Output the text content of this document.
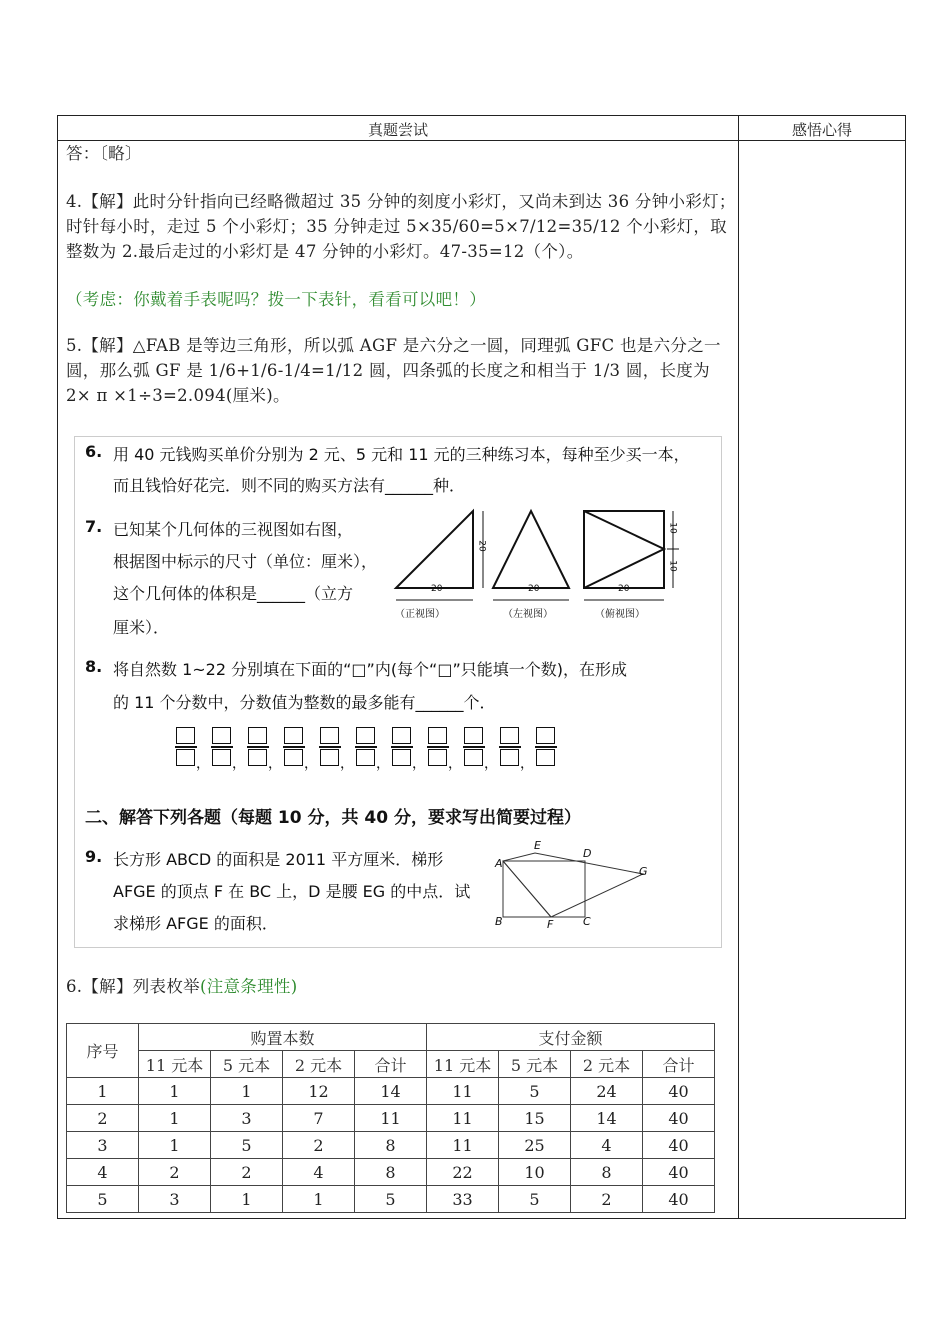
真题尝试	感悟心得
答：〔略〕
4.【解】此时分针指向已经略微超过 35 分钟的刻度小彩灯，又尚未到达 36 分钟小彩灯；时针每小时，走过 5 个小彩灯；35 分钟走过 5×35/60=5×7/12=35/12 个小彩灯，取整数为 2.最后走过的小彩灯是 47 分钟的小彩灯。47-35=12（个）。
（考虑：你戴着手表呢吗？拨一下表针，看看可以吧！）
5.【解】△FAB 是等边三角形，所以弧 AGF 是六分之一圆，同理弧 GFC 也是六分之一圆，那么弧 GF 是 1/6+1/6-1/4=1/12 圆，四条弧的长度之和相当于 1/3 圆，长度为 2× π ×1÷3=2.094(厘米)。
6. 用 40 元钱购买单价分别为 2 元、5 元和 11 元的三种练习本，每种至少买一本，
而且钱恰好花完．则不同的购买方法有______种．
7. 已知某个几何体的三视图如右图，
根据图中标示的尺寸（单位：厘米），
这个几何体的体积是______（立方
厘米）．
20	20	20
20
10
10
（正视图）	（左视图）	（俯视图）
8. 将自然数 1~22 分别填在下面的“□”内(每个“□”只能填一个数)，在形成
的 11 个分数中，分数值为整数的最多能有______个．
， ， ， ， ， ， ， ， ， ，
二、解答下列各题（每题 10 分，共 40 分，要求写出简要过程）
9. 长方形 ABCD 的面积是 2011 平方厘米．梯形
AFGE 的顶点 F 在 BC 上，D 是腰 EG 的中点．试
求梯形 AFGE 的面积．
A
B	C
D
E
F
G
6.【解】列表枚举(注意条理性)
序号	购置本数				支付金额			
	11 元本	5 元本	2 元本	合计	11 元本	5 元本	2 元本	合计
1	1	1	12	14	11	5	24	40
2	1	3	7	11	11	15	14	40
3	1	5	2	8	11	25	4	40
4	2	2	4	8	22	10	8	40
5	3	1	1	5	33	5	2	40
